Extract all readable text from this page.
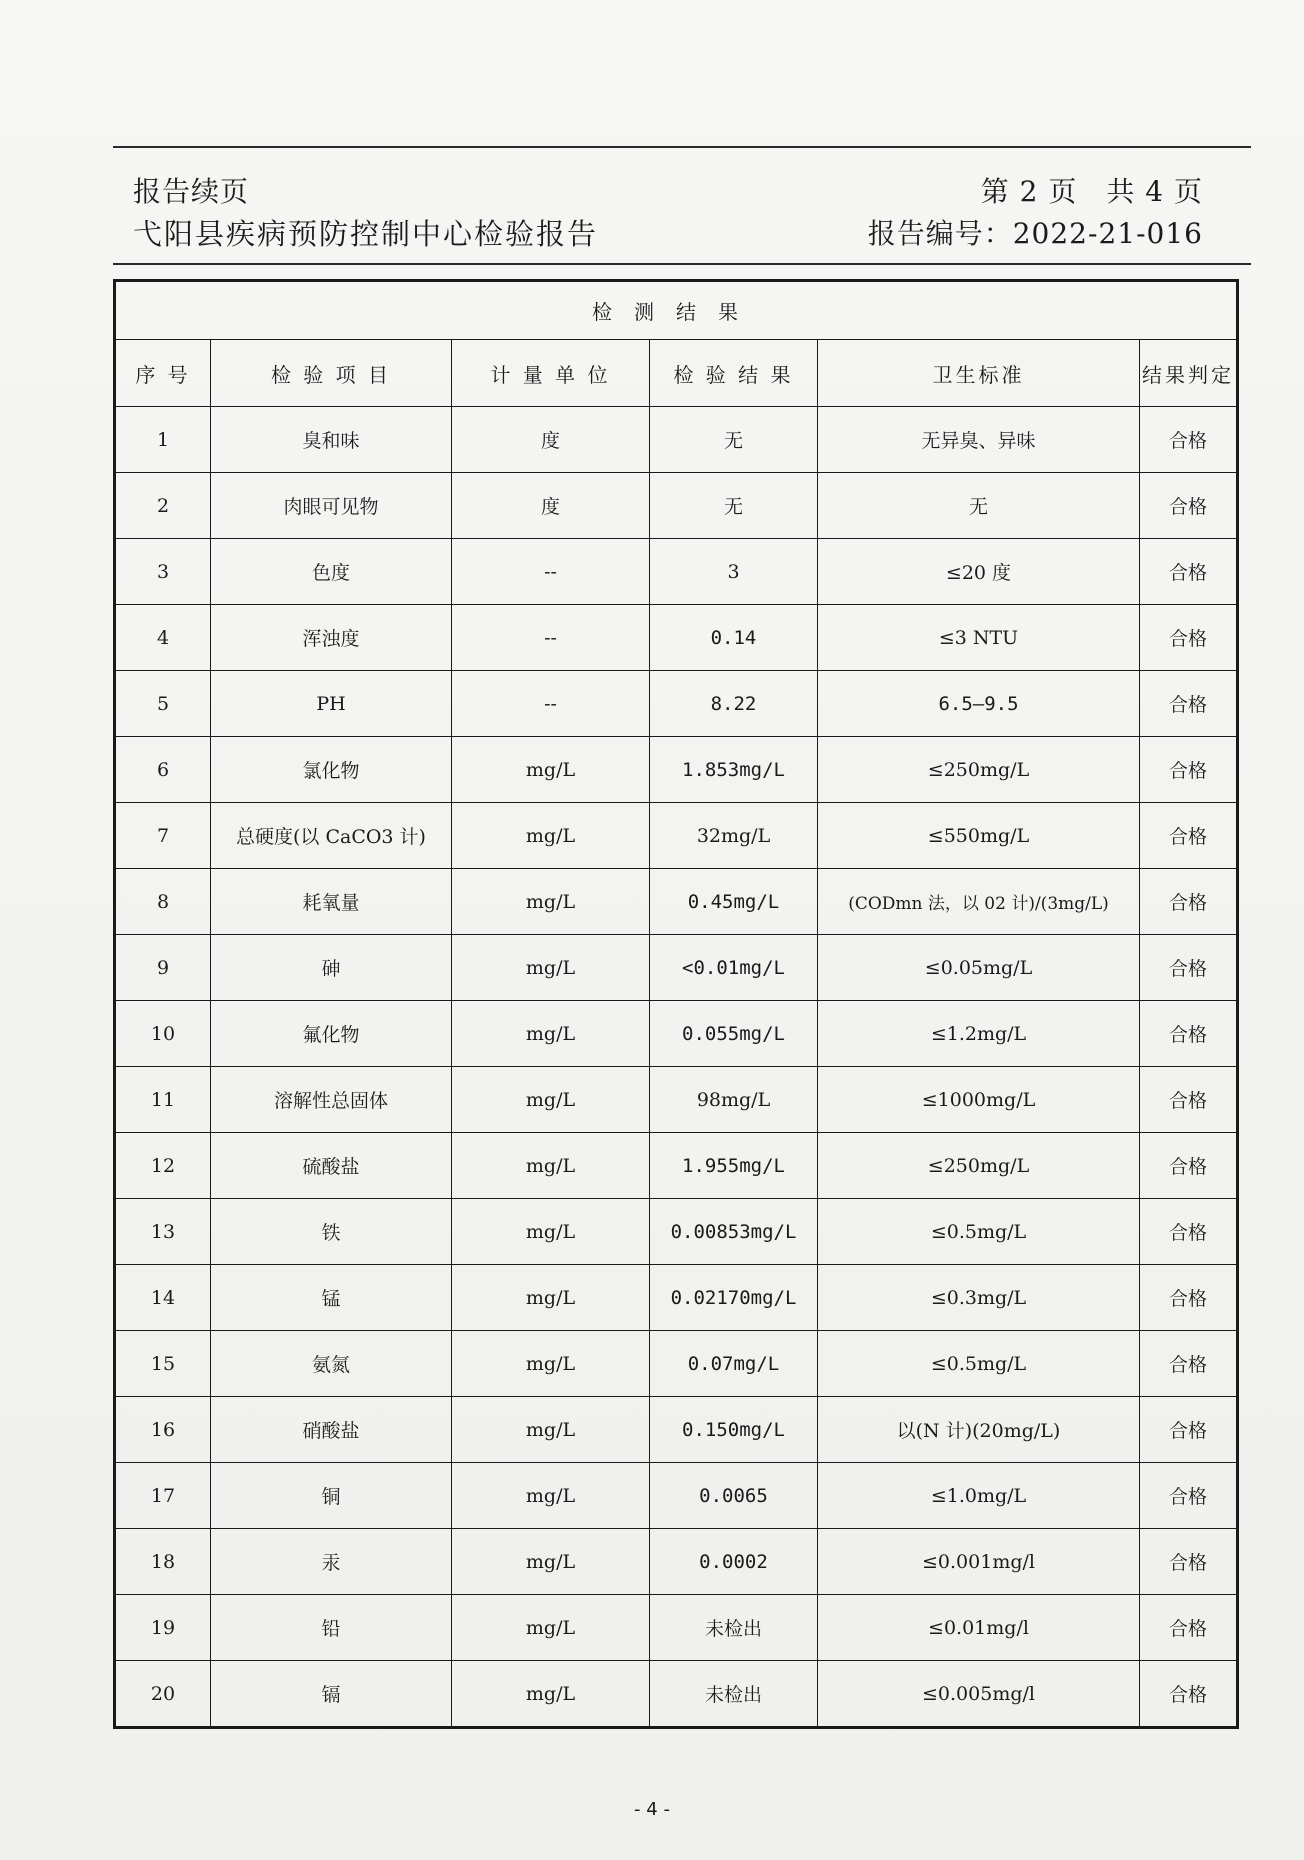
报告续页	第 2 页　共 4 页
弋阳县疾病预防控制中心检验报告	报告编号：2022-21-016
检测结果					
序 号	检 验 项 目	计 量 单 位	检 验 结 果	卫生标准	结果判定
1	臭和味	度	无	无异臭、异味	合格
2	肉眼可见物	度	无	无	合格
3	色度	--	3	≤20 度	合格
4	浑浊度	--	0.14	≤3 NTU	合格
5	PH	--	8.22	6.5—9.5	合格
6	氯化物	mg/L	1.853mg/L	≤250mg/L	合格
7	总硬度(以 CaCO3 计)	mg/L	32mg/L	≤550mg/L	合格
8	耗氧量	mg/L	0.45mg/L	(CODmn 法，以 02 计)/(3mg/L)	合格
9	砷	mg/L	<0.01mg/L	≤0.05mg/L	合格
10	氟化物	mg/L	0.055mg/L	≤1.2mg/L	合格
11	溶解性总固体	mg/L	98mg/L	≤1000mg/L	合格
12	硫酸盐	mg/L	1.955mg/L	≤250mg/L	合格
13	铁	mg/L	0.00853mg/L	≤0.5mg/L	合格
14	锰	mg/L	0.02170mg/L	≤0.3mg/L	合格
15	氨氮	mg/L	0.07mg/L	≤0.5mg/L	合格
16	硝酸盐	mg/L	0.150mg/L	以(N 计)(20mg/L)	合格
17	铜	mg/L	0.0065	≤1.0mg/L	合格
18	汞	mg/L	0.0002	≤0.001mg/l	合格
19	铅	mg/L	未检出	≤0.01mg/l	合格
20	镉	mg/L	未检出	≤0.005mg/l	合格
- 4 -
